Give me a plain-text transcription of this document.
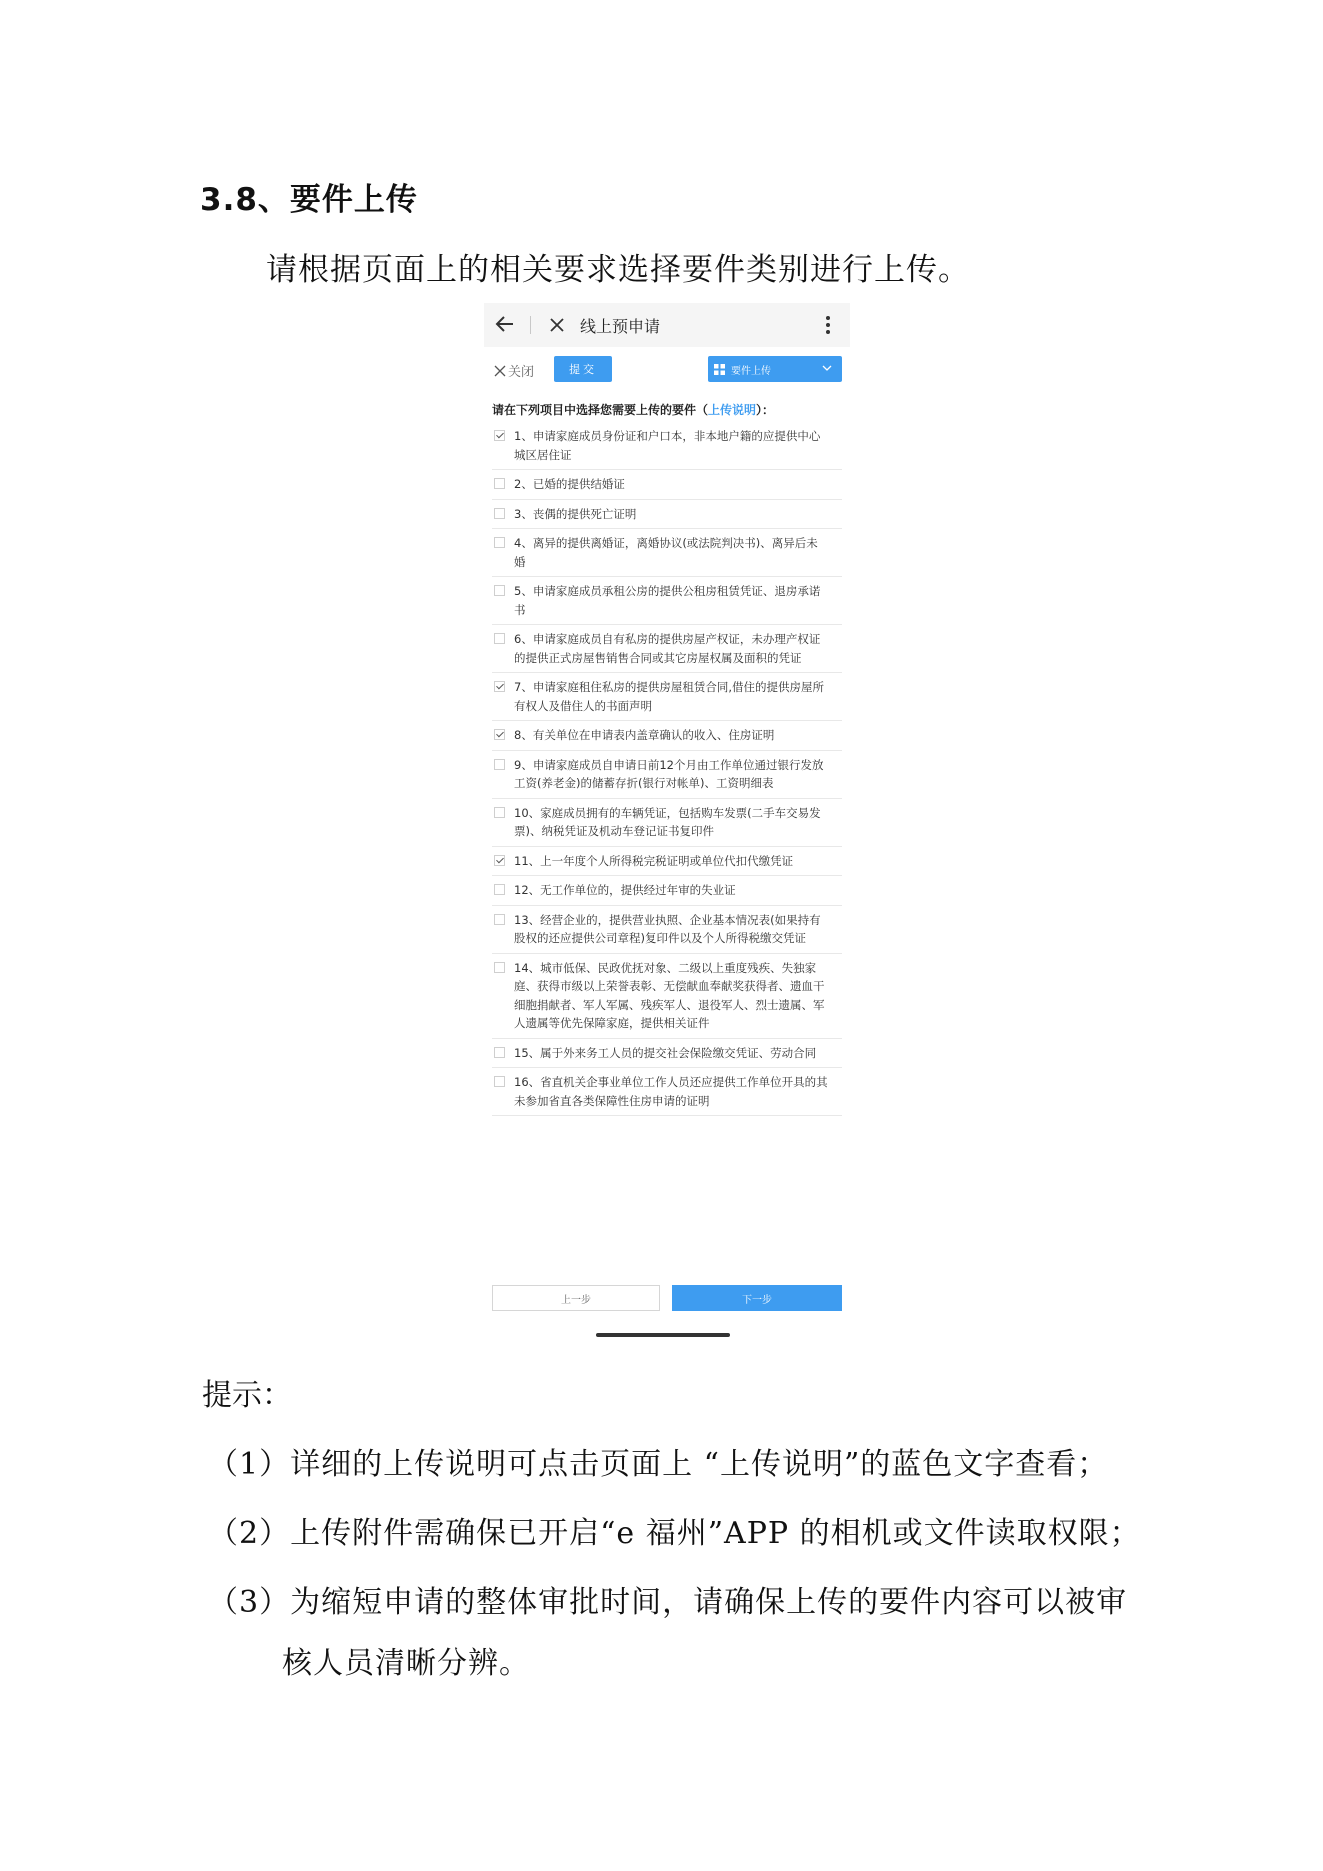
3.8、要件上传

请根据页面上的相关要求选择要件类别进行上传。

线上预申请
关闭	提交	要件上传
请在下列项目中选择您需要上传的要件（上传说明）：
1、申请家庭成员身份证和户口本，非本地户籍的应提供中心城区居住证
2、已婚的提供结婚证
3、丧偶的提供死亡证明
4、离异的提供离婚证，离婚协议(或法院判决书)、离异后未婚
5、申请家庭成员承租公房的提供公租房租赁凭证、退房承诺书
6、申请家庭成员自有私房的提供房屋产权证，未办理产权证的提供正式房屋售销售合同或其它房屋权属及面积的凭证
7、申请家庭租住私房的提供房屋租赁合同,借住的提供房屋所有权人及借住人的书面声明
8、有关单位在申请表内盖章确认的收入、住房证明
9、申请家庭成员自申请日前12个月由工作单位通过银行发放工资(养老金)的储蓄存折(银行对帐单)、工资明细表
10、家庭成员拥有的车辆凭证，包括购车发票(二手车交易发票)、纳税凭证及机动车登记证书复印件
11、上一年度个人所得税完税证明或单位代扣代缴凭证
12、无工作单位的，提供经过年审的失业证
13、经营企业的，提供营业执照、企业基本情况表(如果持有股权的还应提供公司章程)复印件以及个人所得税缴交凭证
14、城市低保、民政优抚对象、二级以上重度残疾、失独家庭、获得市级以上荣誉表彰、无偿献血奉献奖获得者、遗血干细胞捐献者、军人军属、残疾军人、退役军人、烈士遗属、军人遗属等优先保障家庭，提供相关证件
15、属于外来务工人员的提交社会保险缴交凭证、劳动合同
16、省直机关企事业单位工作人员还应提供工作单位开具的其未参加省直各类保障性住房申请的证明
上一步	下一步

提示：

（1）详细的上传说明可点击页面上 “上传说明”的蓝色文字查看；

（2）上传附件需确保已开启“e 福州”APP 的相机或文件读取权限；

（3）为缩短申请的整体审批时间，请确保上传的要件内容可以被审

核人员清晰分辨。
